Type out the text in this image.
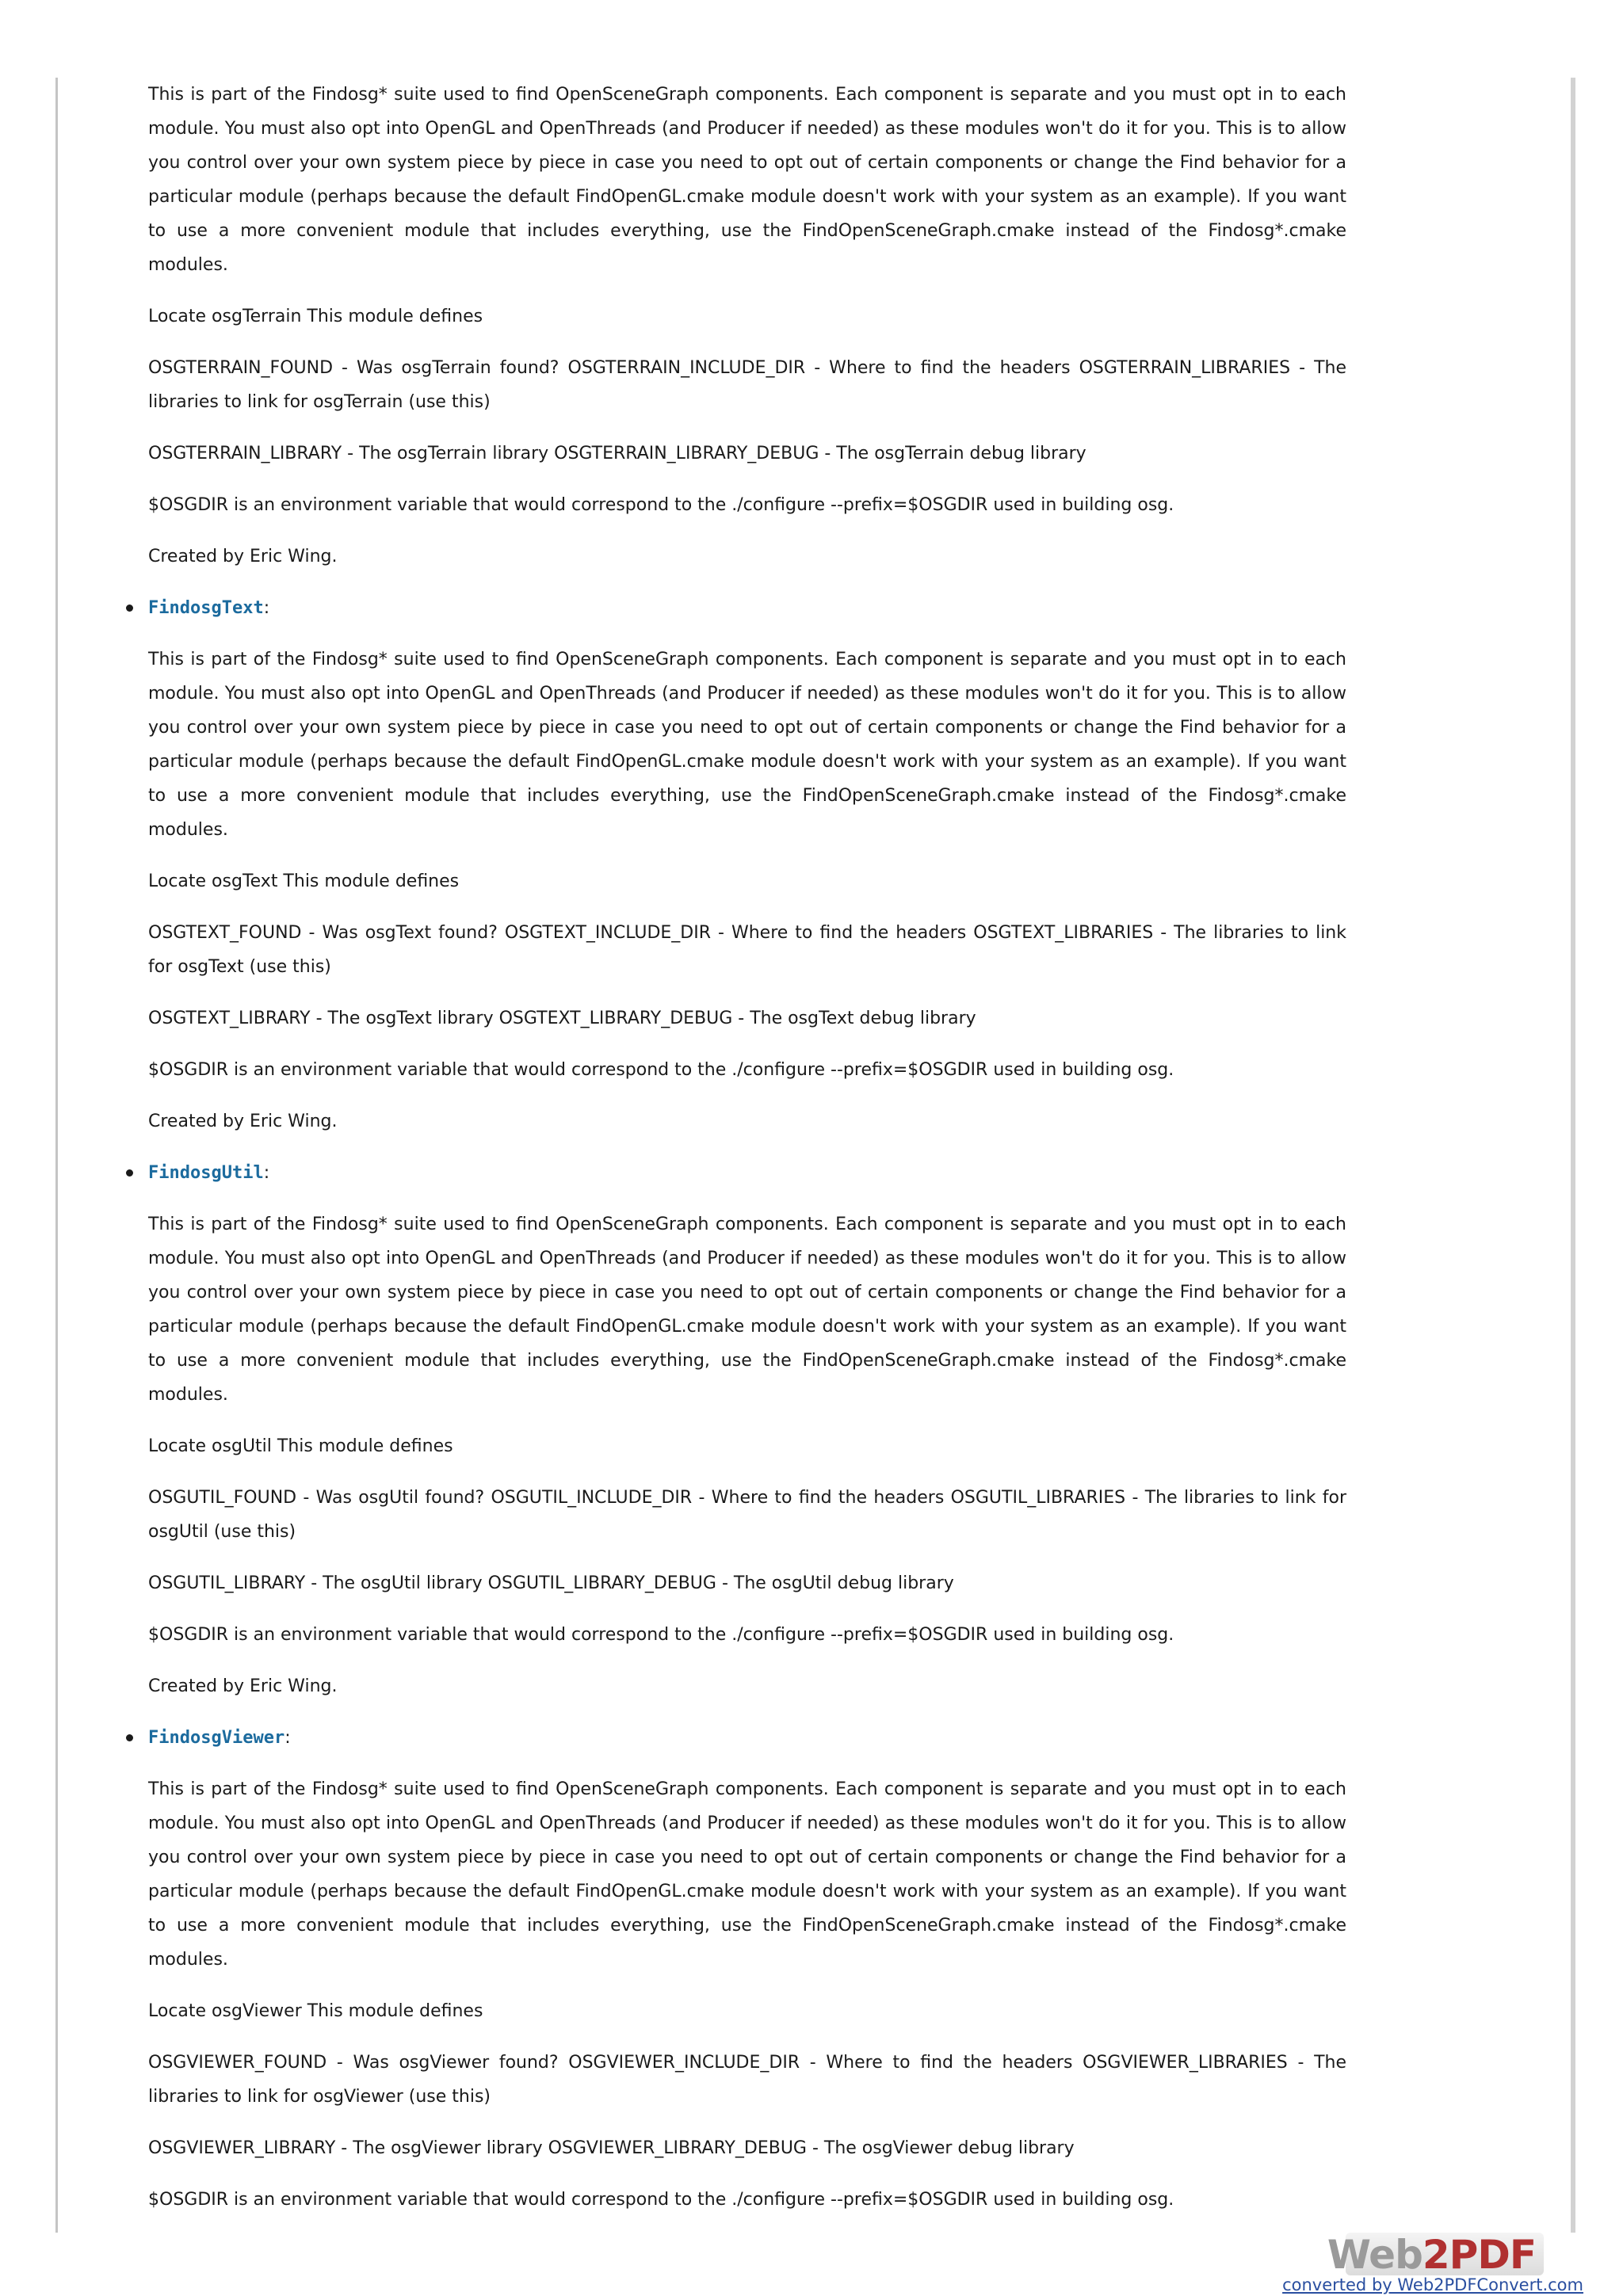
This is part of the Findosg* suite used to find OpenSceneGraph components. Each component is separate and you must opt in to each module. You must also opt into OpenGL and OpenThreads (and Producer if needed) as these modules won't do it for you. This is to allow you control over your own system piece by piece in case you need to opt out of certain components or change the Find behavior for a particular module (perhaps because the default FindOpenGL.cmake module doesn't work with your system as an example). If you want to use a more convenient module that includes everything, use the FindOpenSceneGraph.cmake instead of the Findosg*.cmake modules.

Locate osgTerrain This module defines

OSGTERRAIN_FOUND - Was osgTerrain found? OSGTERRAIN_INCLUDE_DIR - Where to find the headers OSGTERRAIN_LIBRARIES - The libraries to link for osgTerrain (use this)

OSGTERRAIN_LIBRARY - The osgTerrain library OSGTERRAIN_LIBRARY_DEBUG - The osgTerrain debug library

$OSGDIR is an environment variable that would correspond to the ./configure --prefix=$OSGDIR used in building osg.

Created by Eric Wing.

FindosgText:

This is part of the Findosg* suite used to find OpenSceneGraph components. Each component is separate and you must opt in to each module. You must also opt into OpenGL and OpenThreads (and Producer if needed) as these modules won't do it for you. This is to allow you control over your own system piece by piece in case you need to opt out of certain components or change the Find behavior for a particular module (perhaps because the default FindOpenGL.cmake module doesn't work with your system as an example). If you want to use a more convenient module that includes everything, use the FindOpenSceneGraph.cmake instead of the Findosg*.cmake modules.

Locate osgText This module defines

OSGTEXT_FOUND - Was osgText found? OSGTEXT_INCLUDE_DIR - Where to find the headers OSGTEXT_LIBRARIES - The libraries to link for osgText (use this)

OSGTEXT_LIBRARY - The osgText library OSGTEXT_LIBRARY_DEBUG - The osgText debug library

$OSGDIR is an environment variable that would correspond to the ./configure --prefix=$OSGDIR used in building osg.

Created by Eric Wing.

FindosgUtil:

This is part of the Findosg* suite used to find OpenSceneGraph components. Each component is separate and you must opt in to each module. You must also opt into OpenGL and OpenThreads (and Producer if needed) as these modules won't do it for you. This is to allow you control over your own system piece by piece in case you need to opt out of certain components or change the Find behavior for a particular module (perhaps because the default FindOpenGL.cmake module doesn't work with your system as an example). If you want to use a more convenient module that includes everything, use the FindOpenSceneGraph.cmake instead of the Findosg*.cmake modules.

Locate osgUtil This module defines

OSGUTIL_FOUND - Was osgUtil found? OSGUTIL_INCLUDE_DIR - Where to find the headers OSGUTIL_LIBRARIES - The libraries to link for osgUtil (use this)

OSGUTIL_LIBRARY - The osgUtil library OSGUTIL_LIBRARY_DEBUG - The osgUtil debug library

$OSGDIR is an environment variable that would correspond to the ./configure --prefix=$OSGDIR used in building osg.

Created by Eric Wing.

FindosgViewer:

This is part of the Findosg* suite used to find OpenSceneGraph components. Each component is separate and you must opt in to each module. You must also opt into OpenGL and OpenThreads (and Producer if needed) as these modules won't do it for you. This is to allow you control over your own system piece by piece in case you need to opt out of certain components or change the Find behavior for a particular module (perhaps because the default FindOpenGL.cmake module doesn't work with your system as an example). If you want to use a more convenient module that includes everything, use the FindOpenSceneGraph.cmake instead of the Findosg*.cmake modules.

Locate osgViewer This module defines

OSGVIEWER_FOUND - Was osgViewer found? OSGVIEWER_INCLUDE_DIR - Where to find the headers OSGVIEWER_LIBRARIES - The libraries to link for osgViewer (use this)

OSGVIEWER_LIBRARY - The osgViewer library OSGVIEWER_LIBRARY_DEBUG - The osgViewer debug library

$OSGDIR is an environment variable that would correspond to the ./configure --prefix=$OSGDIR used in building osg.

Web2PDF
converted by Web2PDFConvert.com
